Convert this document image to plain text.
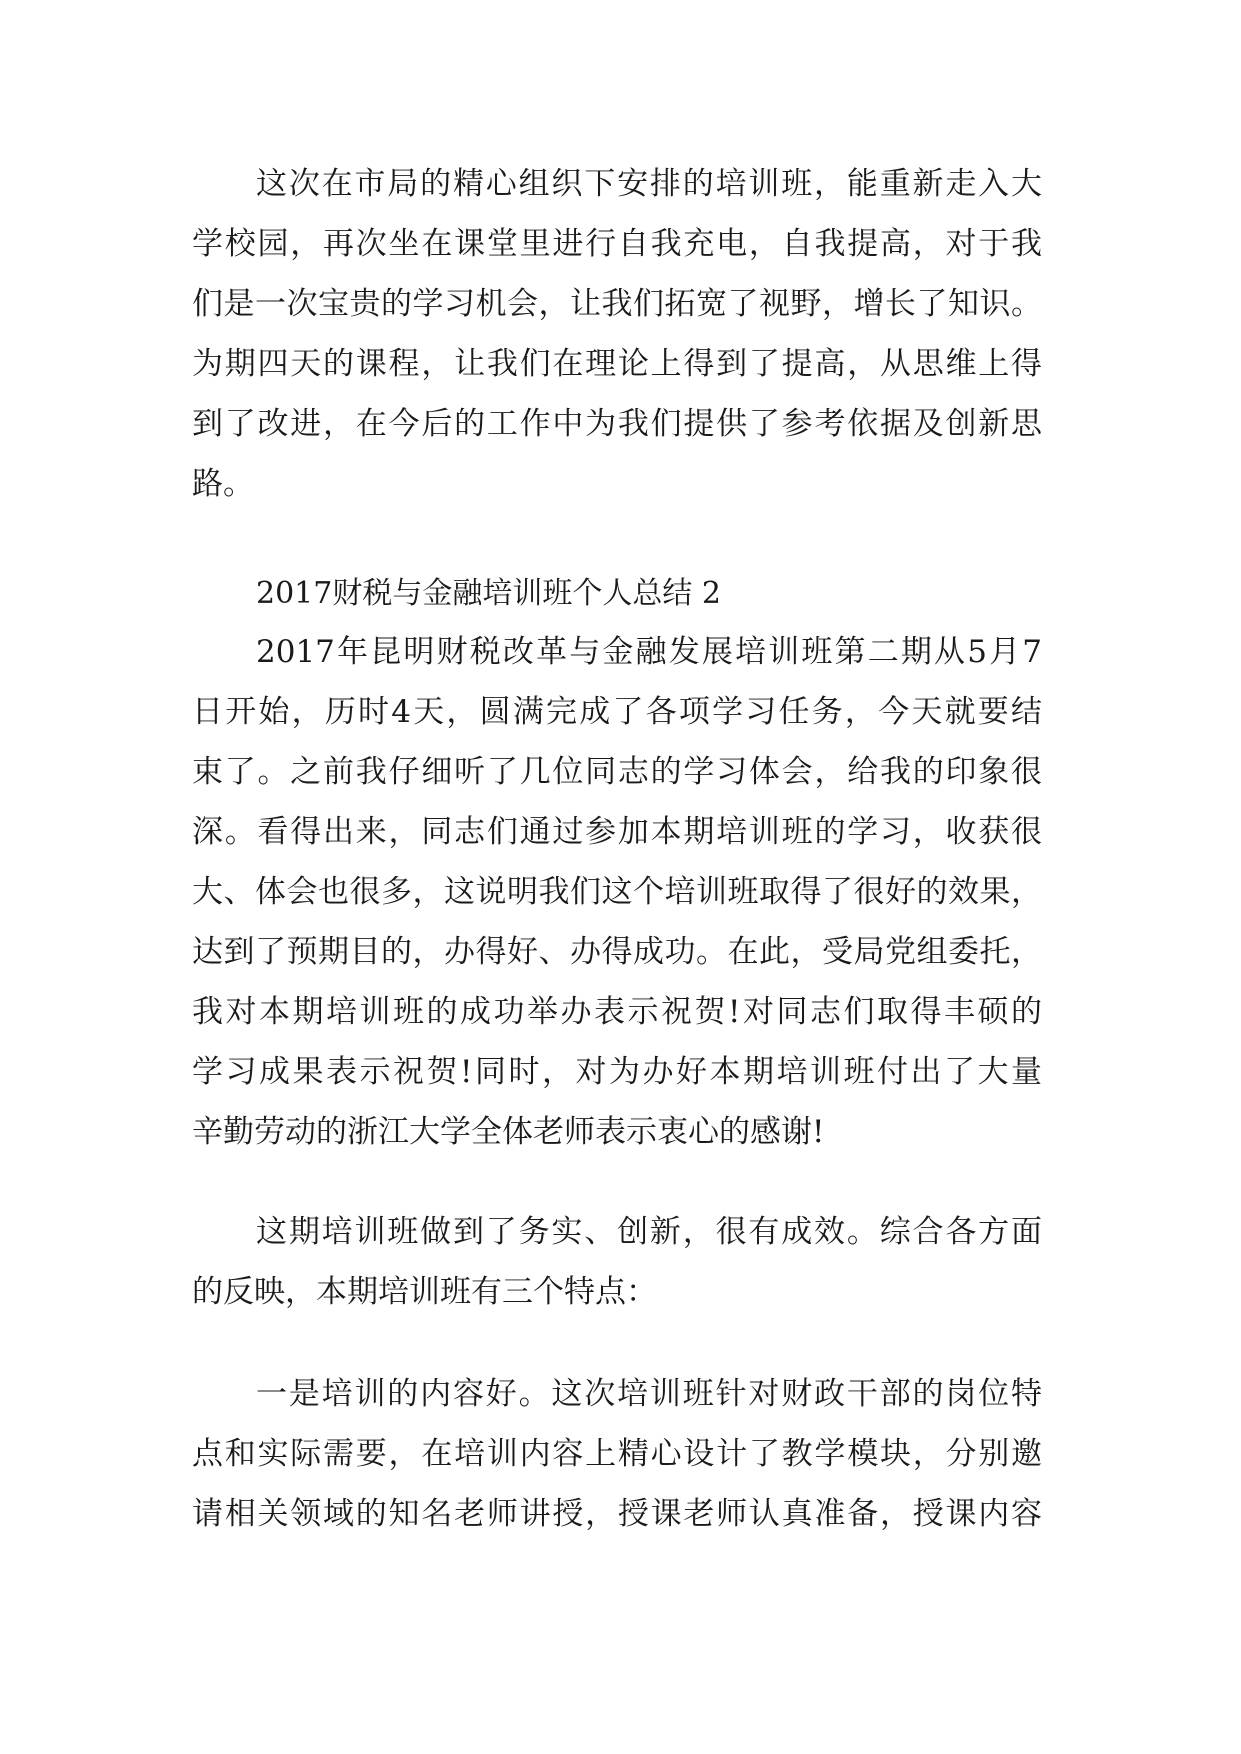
这次在市局的精心组织下安排的培训班，能重新走入大
学校园，再次坐在课堂里进行自我充电，自我提高，对于我
们是一次宝贵的学习机会，让我们拓宽了视野，增长了知识。
为期四天的课程，让我们在理论上得到了提高，从思维上得
到了改进，在今后的工作中为我们提供了参考依据及创新思
路。
2017财税与金融培训班个人总结 2
2017年昆明财税改革与金融发展培训班第二期从5月7
日开始，历时4天，圆满完成了各项学习任务，今天就要结
束了。之前我仔细听了几位同志的学习体会，给我的印象很
深。看得出来，同志们通过参加本期培训班的学习，收获很
大、体会也很多，这说明我们这个培训班取得了很好的效果，
达到了预期目的，办得好、办得成功。在此，受局党组委托，
我对本期培训班的成功举办表示祝贺!对同志们取得丰硕的
学习成果表示祝贺!同时，对为办好本期培训班付出了大量
辛勤劳动的浙江大学全体老师表示衷心的感谢!
这期培训班做到了务实、创新，很有成效。综合各方面
的反映，本期培训班有三个特点：
一是培训的内容好。这次培训班针对财政干部的岗位特
点和实际需要，在培训内容上精心设计了教学模块，分别邀
请相关领域的知名老师讲授，授课老师认真准备，授课内容
